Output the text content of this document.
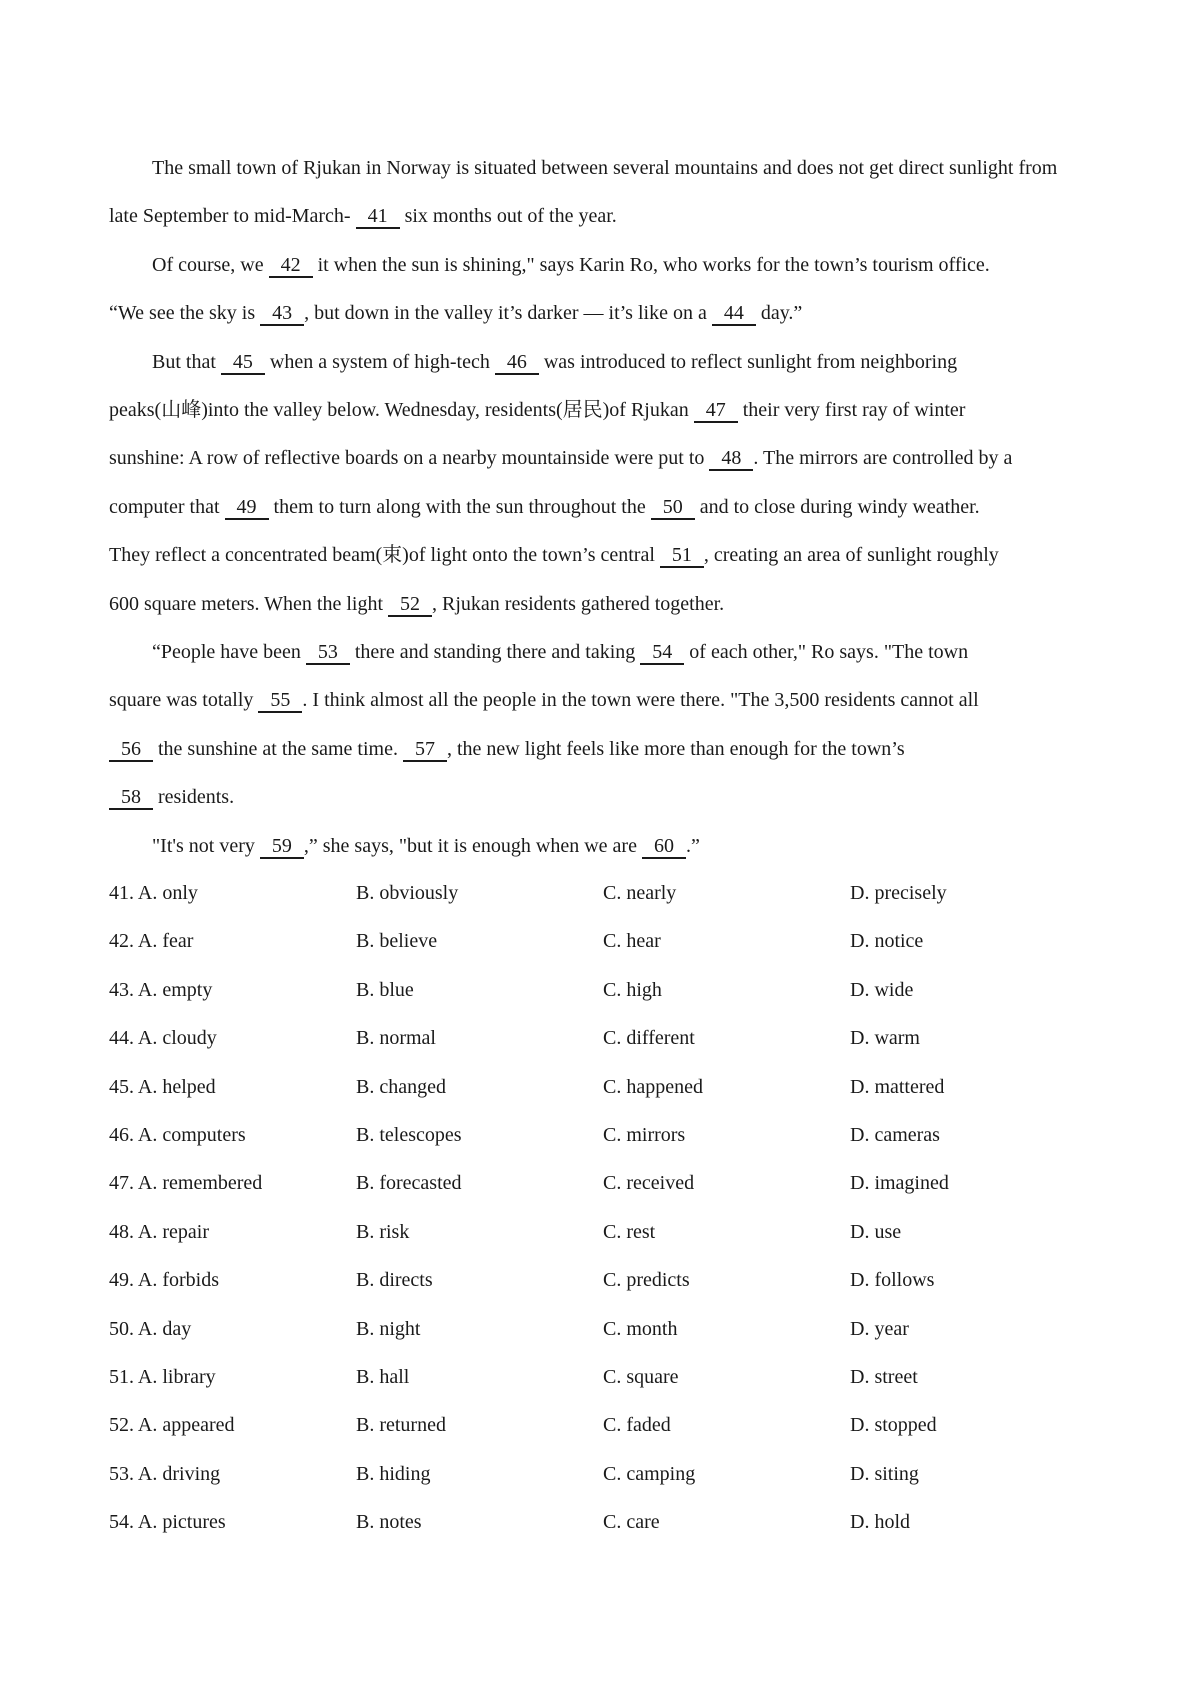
The small town of Rjukan in Norway is situated between several mountains and does not get direct sunlight from

late September to mid-March- 41 six months out of the year.

Of course, we 42 it when the sun is shining," says Karin Ro, who works for the town’s tourism office.

“We see the sky is 43 , but down in the valley it’s darker — it’s like on a 44 day.”

But that 45 when a system of high-tech 46 was introduced to reflect sunlight from neighboring

peaks(山峰)into the valley below. Wednesday, residents(居民)of Rjukan 47 their very first ray of winter

sunshine: A row of reflective boards on a nearby mountainside were put to 48 . The mirrors are controlled by a

computer that 49 them to turn along with the sun throughout the 50 and to close during windy weather.

They reflect a concentrated beam(束)of light onto the town’s central 51 , creating an area of sunlight roughly

600 square meters. When the light 52 , Rjukan residents gathered together.

“People have been 53 there and standing there and taking 54 of each other," Ro says. "The town

square was totally 55 . I think almost all the people in the town were there. "The 3,500 residents cannot all

56 the sunshine at the same time. 57 , the new light feels like more than enough for the town’s

58 residents.

"It's not very 59 ,” she says, "but it is enough when we are 60 .”

41. A. only	B. obviously	C. nearly	D. precisely
42. A. fear	B. believe	C. hear	D. notice
43. A. empty	B. blue	C. high	D. wide
44. A. cloudy	B. normal	C. different	D. warm
45. A. helped	B. changed	C. happened	D. mattered
46. A. computers	B. telescopes	C. mirrors	D. cameras
47. A. remembered	B. forecasted	C. received	D. imagined
48. A. repair	B. risk	C. rest	D. use
49. A. forbids	B. directs	C. predicts	D. follows
50. A. day	B. night	C. month	D. year
51. A. library	B. hall	C. square	D. street
52. A. appeared	B. returned	C. faded	D. stopped
53. A. driving	B. hiding	C. camping	D. siting
54. A. pictures	B. notes	C. care	D. hold
